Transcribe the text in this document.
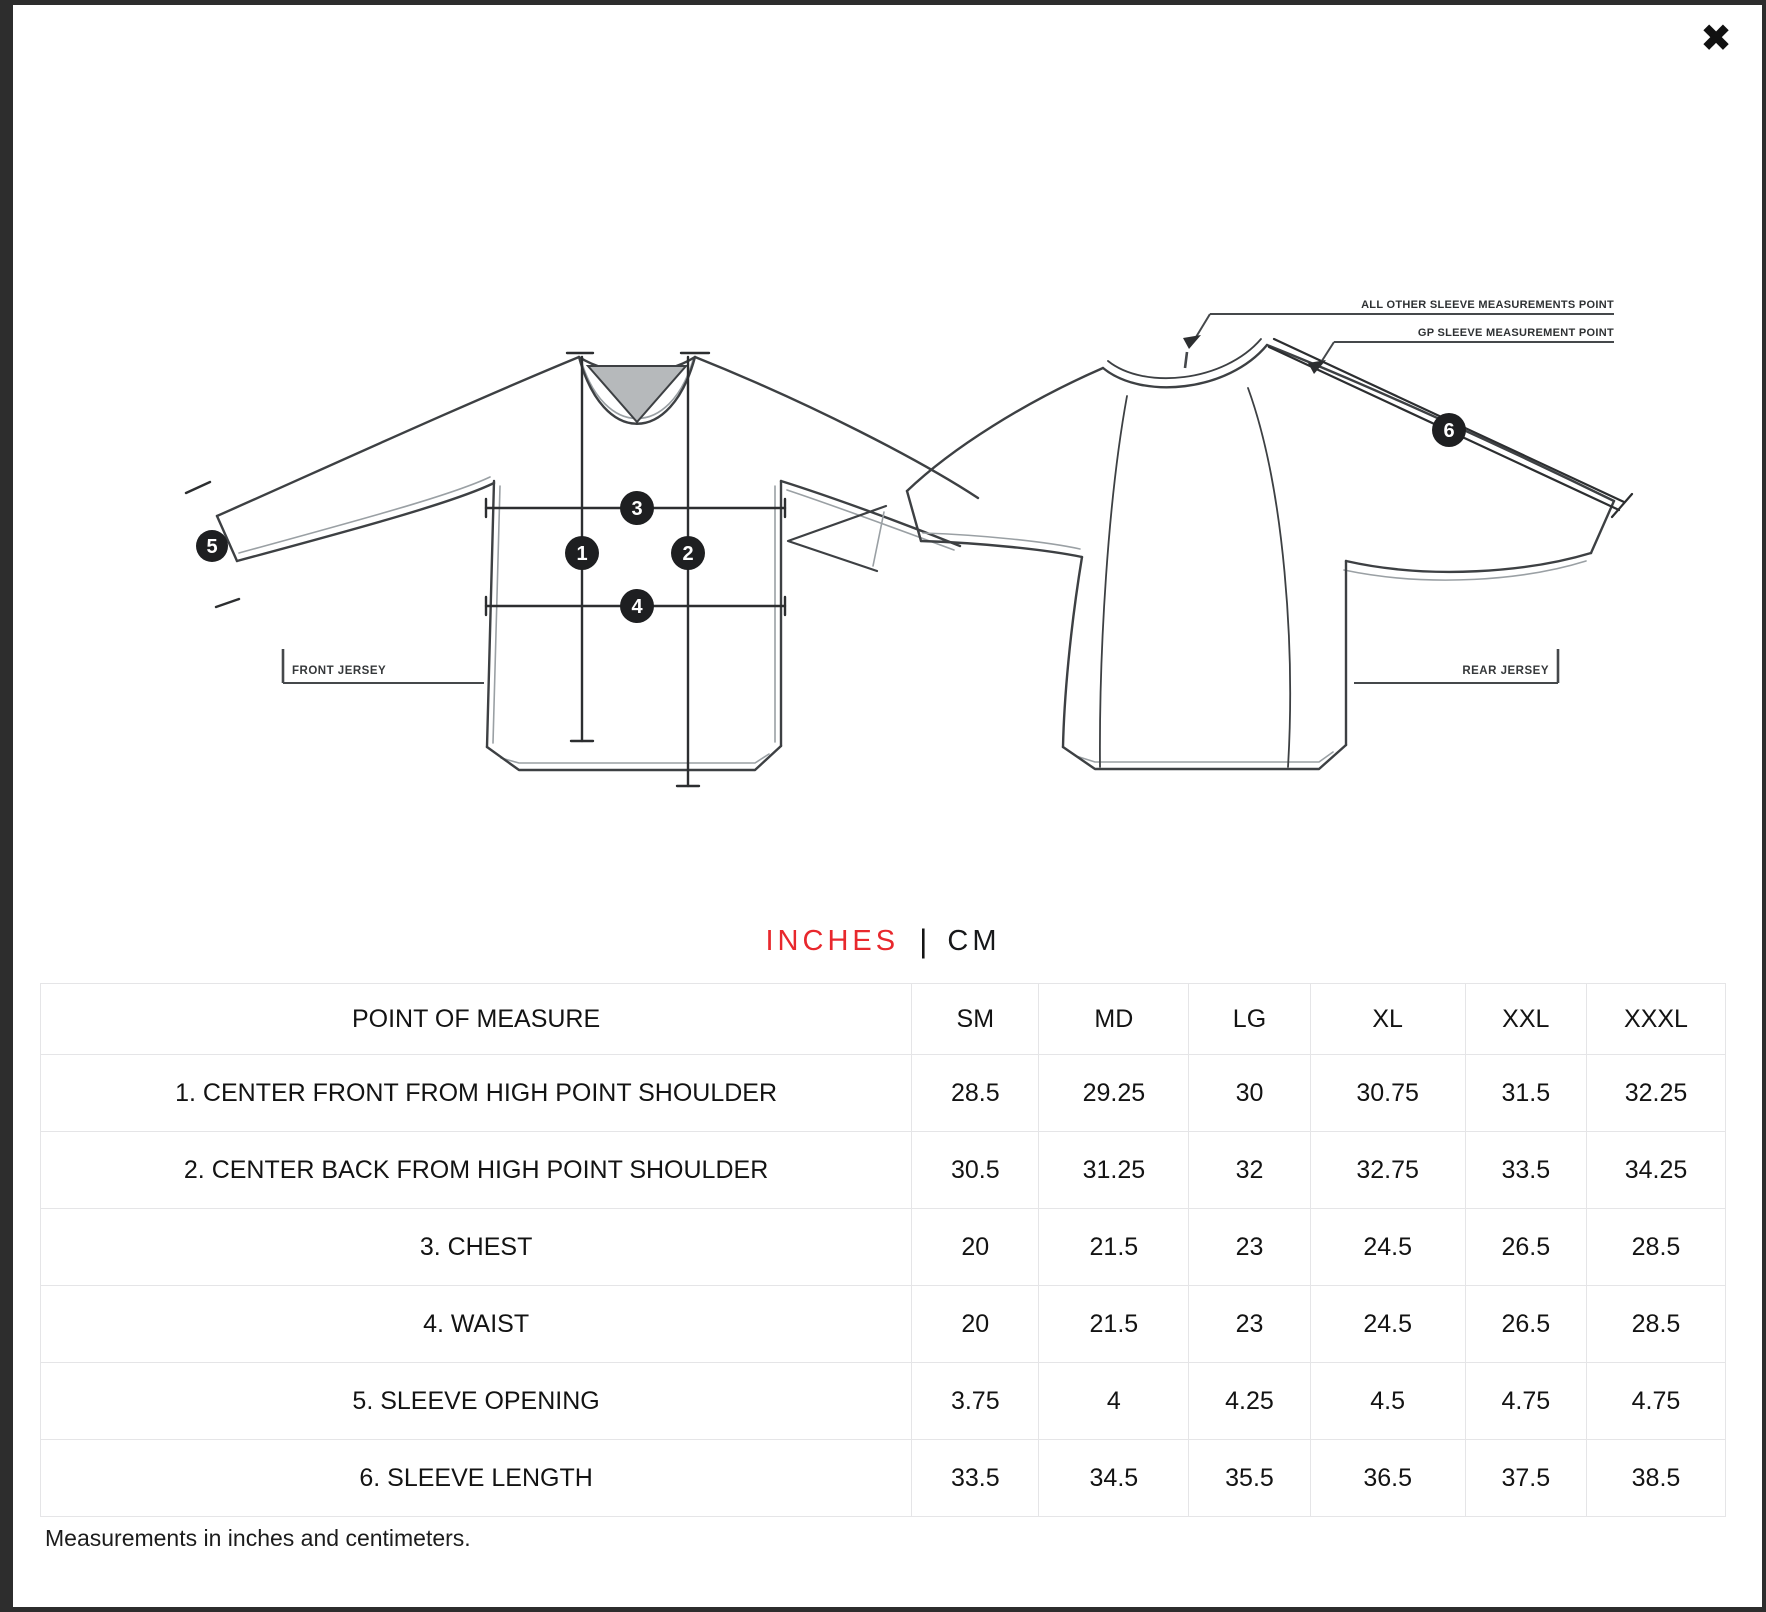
✖
ALL OTHER SLEEVE MEASUREMENTS POINT
GP SLEEVE MEASUREMENT POINT
FRONT JERSEY	REAR JERSEY
1	2
3
4
5
6
INCHES | CM
POINT OF MEASURE	SM	MD	LG	XL	XXL	XXXL
1. CENTER FRONT FROM HIGH POINT SHOULDER	28.5	29.25	30	30.75	31.5	32.25
2. CENTER BACK FROM HIGH POINT SHOULDER	30.5	31.25	32	32.75	33.5	34.25
3. CHEST	20	21.5	23	24.5	26.5	28.5
4. WAIST	20	21.5	23	24.5	26.5	28.5
5. SLEEVE OPENING	3.75	4	4.25	4.5	4.75	4.75
6. SLEEVE LENGTH	33.5	34.5	35.5	36.5	37.5	38.5
Measurements in inches and centimeters.
